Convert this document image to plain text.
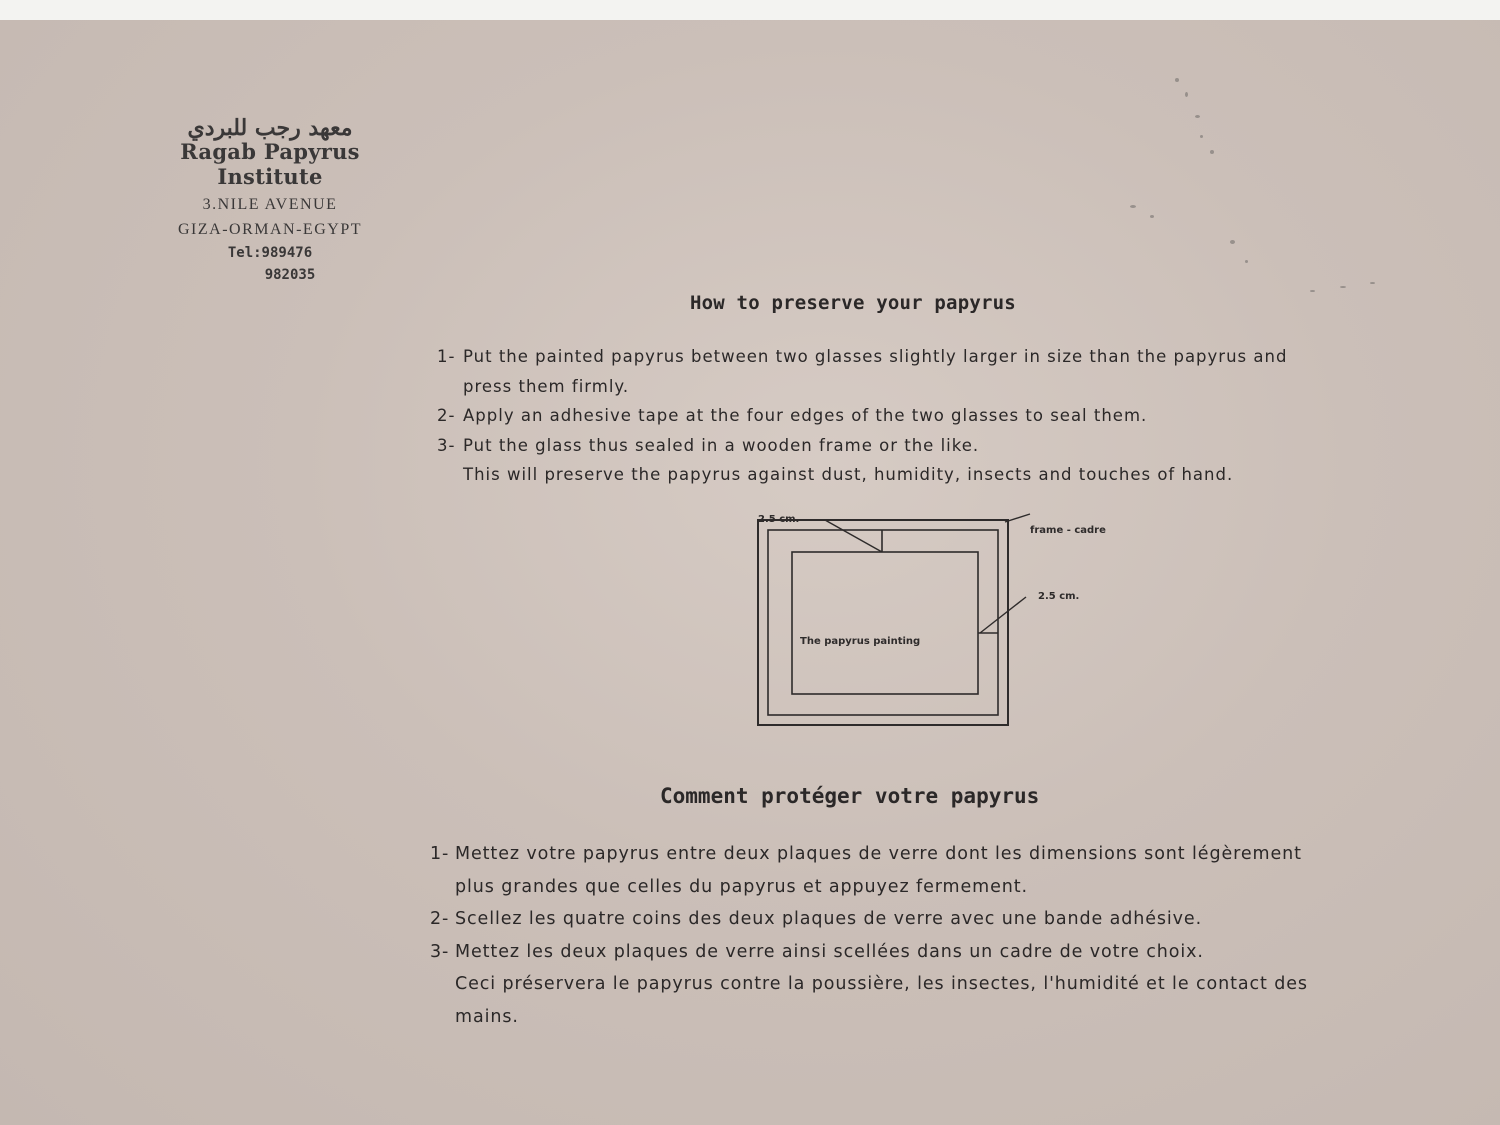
معهد رجب للبردي
Ragab Papyrus Institute
3.NILE AVENUE
GIZA-ORMAN-EGYPT
Tel:989476
982035
How to preserve your papyrus
1- Put the painted papyrus between two glasses slightly larger in size than the papyrus and press them firmly.
2- Apply an adhesive tape at the four edges of the two glasses to seal them.
3- Put the glass thus sealed in a wooden frame or the like.
This will preserve the papyrus against dust, humidity, insects and touches of hand.
2.5 cm.
frame - cadre
2.5 cm.
The papyrus painting
Comment protéger votre papyrus
1- Mettez votre papyrus entre deux plaques de verre dont les dimensions sont légèrement plus grandes que celles du papyrus et appuyez fermement.
2- Scellez les quatre coins des deux plaques de verre avec une bande adhésive.
3- Mettez les deux plaques de verre ainsi scellées dans un cadre de votre choix.
Ceci préservera le papyrus contre la poussière, les insectes, l'humidité et le contact des mains.
